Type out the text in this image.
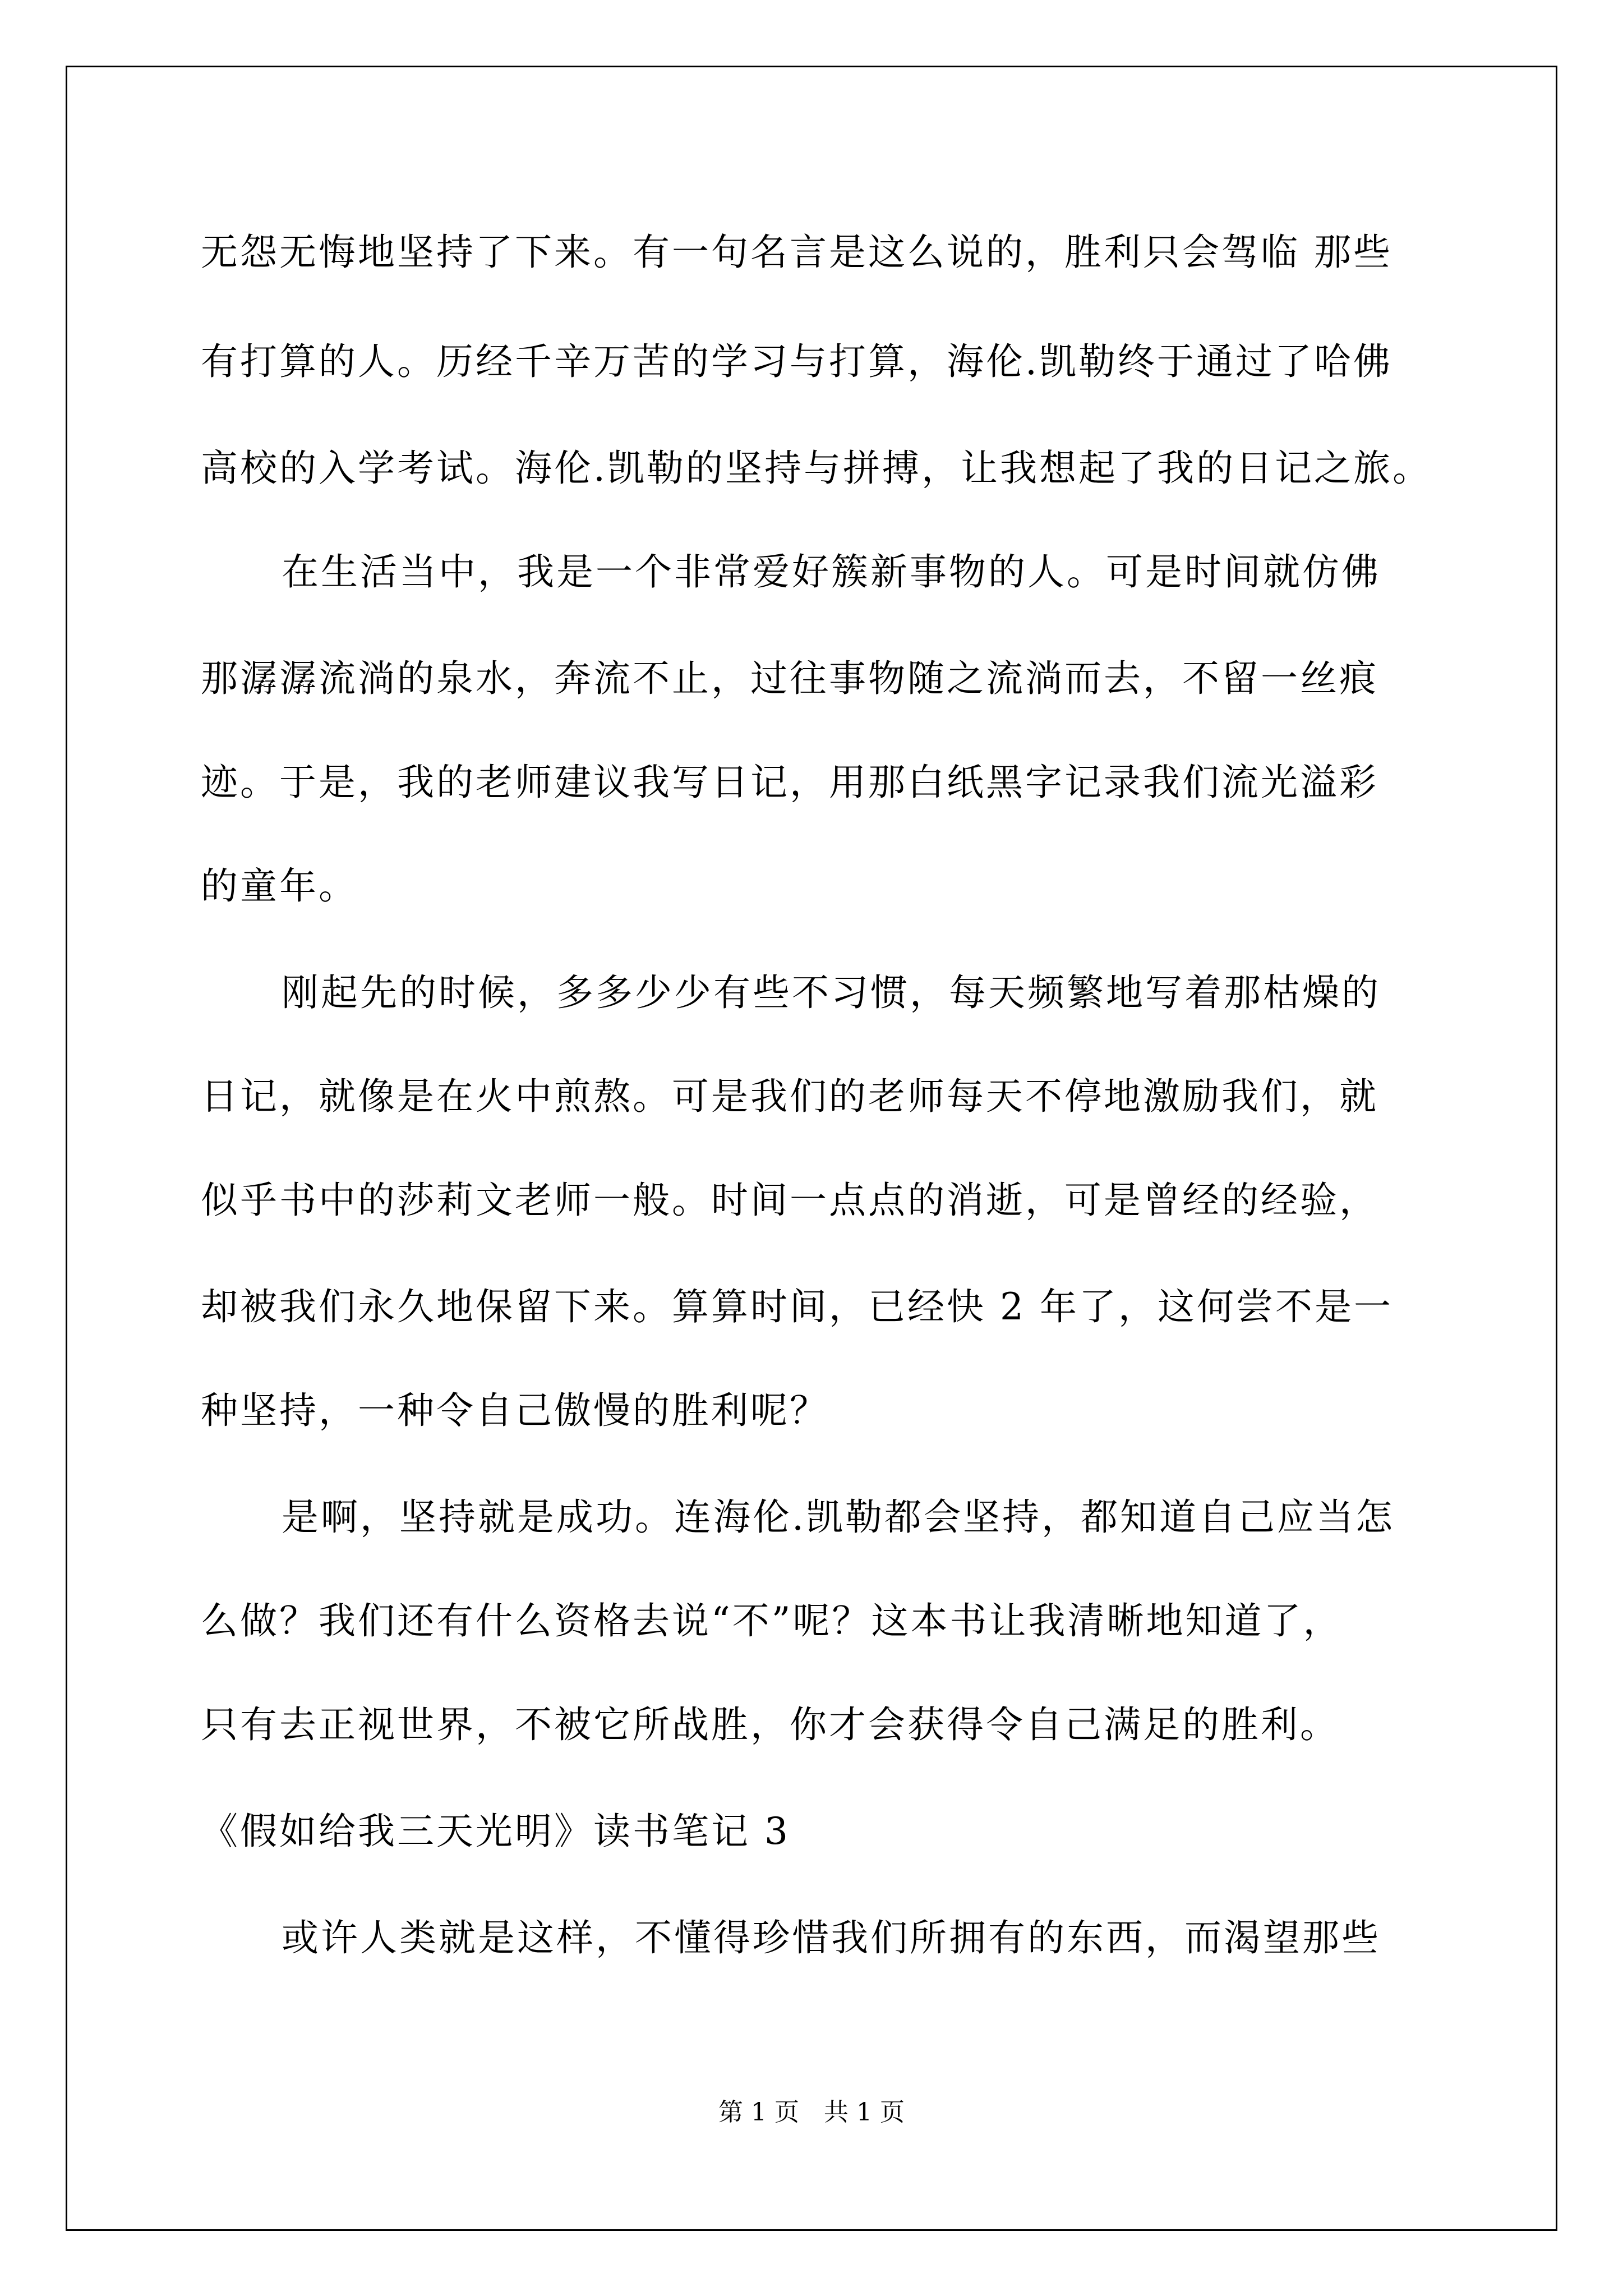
无怨无悔地坚持了下来。有一句名言是这么说的，胜利只会驾临 那些
有打算的人。历经千辛万苦的学习与打算，海伦.凯勒终于通过了哈佛
高校的入学考试。海伦.凯勒的坚持与拼搏，让我想起了我的日记之旅。
在生活当中，我是一个非常爱好簇新事物的人。可是时间就仿佛
那潺潺流淌的泉水，奔流不止，过往事物随之流淌而去，不留一丝痕
迹。于是，我的老师建议我写日记，用那白纸黑字记录我们流光溢彩
的童年。
刚起先的时候，多多少少有些不习惯，每天频繁地写着那枯燥的
日记，就像是在火中煎熬。可是我们的老师每天不停地激励我们，就
似乎书中的莎莉文老师一般。时间一点点的消逝，可是曾经的经验，
却被我们永久地保留下来。算算时间，已经快 2 年了，这何尝不是一
种坚持，一种令自己傲慢的胜利呢？
是啊，坚持就是成功。连海伦.凯勒都会坚持，都知道自己应当怎
么做？我们还有什么资格去说“不”呢？这本书让我清晰地知道了，
只有去正视世界，不被它所战胜，你才会获得令自己满足的胜利。
《假如给我三天光明》读书笔记 3
或许人类就是这样，不懂得珍惜我们所拥有的东西，而渴望那些
第 1 页　共 1 页
